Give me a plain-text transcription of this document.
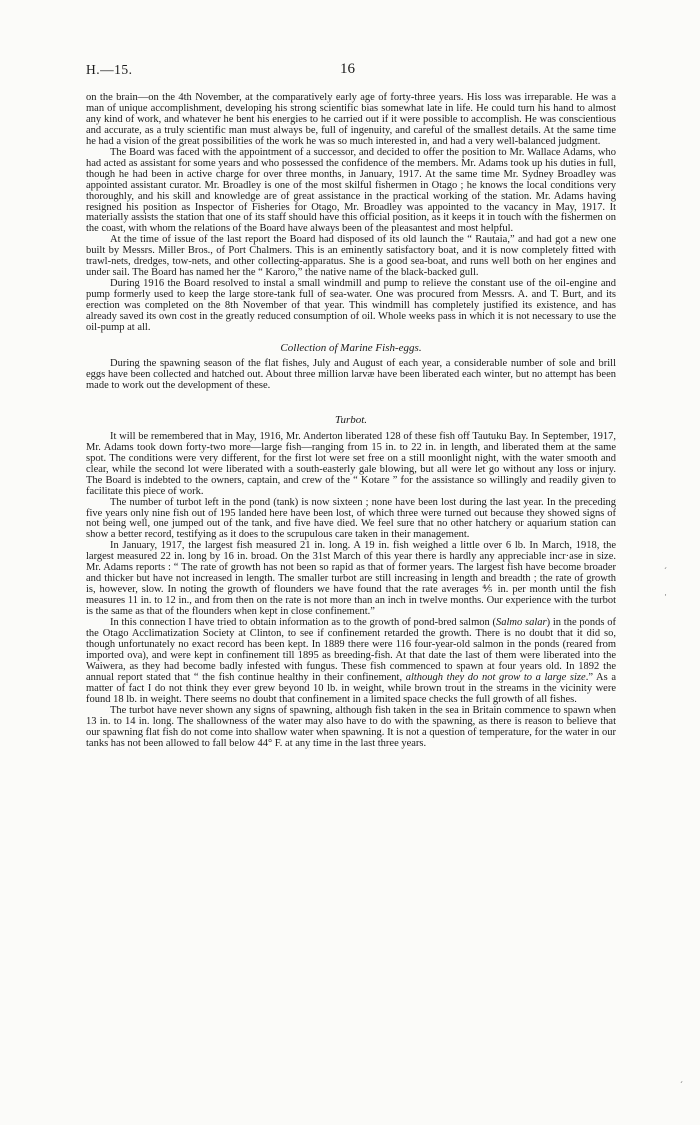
H.—15.	16

on the brain—on the 4th November, at the comparatively early age of forty-three years. His loss was irreparable. He was a man of unique accomplishment, developing his strong scientific bias somewhat late in life. He could turn his hand to almost any kind of work, and whatever he bent his energies to he carried out if it were possible to accomplish. He was conscientious and accurate, as a truly scientific man must always be, full of ingenuity, and careful of the smallest details. At the same time he had a vision of the great possibilities of the work he was so much interested in, and had a very well-balanced judgment.

The Board was faced with the appointment of a successor, and decided to offer the position to Mr. Wallace Adams, who had acted as assistant for some years and who possessed the confidence of the members. Mr. Adams took up his duties in full, though he had been in active charge for over three months, in January, 1917. At the same time Mr. Sydney Broadley was appointed assistant curator. Mr. Broadley is one of the most skilful fishermen in Otago ; he knows the local conditions very thoroughly, and his skill and knowledge are of great assistance in the practical working of the station. Mr. Adams having resigned his position as Inspector of Fisheries for Otago, Mr. Broadley was appointed to the vacancy in May, 1917. It materially assists the station that one of its staff should have this official position, as it keeps it in touch with the fishermen on the coast, with whom the relations of the Board have always been of the pleasantest and most helpful.

At the time of issue of the last report the Board had disposed of its old launch the “ Rautaia,” and had got a new one built by Messrs. Miller Bros., of Port Chalmers. This is an eminently satisfactory boat, and it is now completely fitted with trawl-nets, dredges, tow-nets, and other collecting-apparatus. She is a good sea-boat, and runs well both on her engines and under sail. The Board has named her the “ Karoro,” the native name of the black-backed gull.

During 1916 the Board resolved to instal a small windmill and pump to relieve the constant use of the oil-engine and pump formerly used to keep the large store-tank full of sea-water. One was procured from Messrs. A. and T. Burt, and its erection was completed on the 8th November of that year. This windmill has completely justified its existence, and has already saved its own cost in the greatly reduced consumption of oil. Whole weeks pass in which it is not necessary to use the oil-pump at all.

Collection of Marine Fish-eggs.

During the spawning season of the flat fishes, July and August of each year, a considerable number of sole and brill eggs have been collected and hatched out. About three million larvæ have been liberated each winter, but no attempt has been made to work out the development of these.

Turbot.

It will be remembered that in May, 1916, Mr. Anderton liberated 128 of these fish off Tautuku Bay. In September, 1917, Mr. Adams took down forty-two more—large fish—ranging from 15 in. to 22 in. in length, and liberated them at the same spot. The conditions were very different, for the first lot were set free on a still moonlight night, with the water smooth and clear, while the second lot were liberated with a south-easterly gale blowing, but all were let go without any loss or injury. The Board is indebted to the owners, captain, and crew of the “ Kotare ” for the assistance so willingly and readily given to facilitate this piece of work.

The number of turbot left in the pond (tank) is now sixteen ; none have been lost during the last year. In the preceding five years only nine fish out of 195 landed here have been lost, of which three were turned out because they showed signs of not being well, one jumped out of the tank, and five have died. We feel sure that no other hatchery or aquarium station can show a better record, testifying as it does to the scrupulous care taken in their management.

In January, 1917, the largest fish measured 21 in. long. A 19 in. fish weighed a little over 6 lb. In March, 1918, the largest measured 22 in. long by 16 in. broad. On the 31st March of this year there is hardly any appreciable incr·ase in size. Mr. Adams reports : “ The rate of growth has not been so rapid as that of former years. The largest fish have become broader and thicker but have not increased in length. The smaller turbot are still increasing in length and breadth ; the rate of growth is, however, slow. In noting the growth of flounders we have found that the rate averages ⅘ in. per month until the fish measures 11 in. to 12 in., and from then on the rate is not more than an inch in twelve months. Our experience with the turbot is the same as that of the flounders when kept in close confinement.”

In this connection I have tried to obtain information as to the growth of pond-bred salmon (Salmo salar) in the ponds of the Otago Acclimatization Society at Clinton, to see if confinement retarded the growth. There is no doubt that it did so, though unfortunately no exact record has been kept. In 1889 there were 116 four-year-old salmon in the ponds (reared from imported ova), and were kept in confinement till 1895 as breeding-fish. At that date the last of them were liberated into the Waiwera, as they had become badly infested with fungus. These fish commenced to spawn at four years old. In 1892 the annual report stated that “ the fish continue healthy in their confinement, although they do not grow to a large size.” As a matter of fact I do not think they ever grew beyond 10 lb. in weight, while brown trout in the streams in the vicinity were found 18 lb. in weight. There seems no doubt that confinement in a limited space checks the full growth of all fishes.

The turbot have never shown any signs of spawning, although fish taken in the sea in Britain commence to spawn when 13 in. to 14 in. long. The shallowness of the water may also have to do with the spawning, as there is reason to believe that our spawning flat fish do not come into shallow water when spawning. It is not a question of temperature, for the water in our tanks has not been allowed to fall below 44° F. at any time in the last three years.

ˊ
·
ˊ
